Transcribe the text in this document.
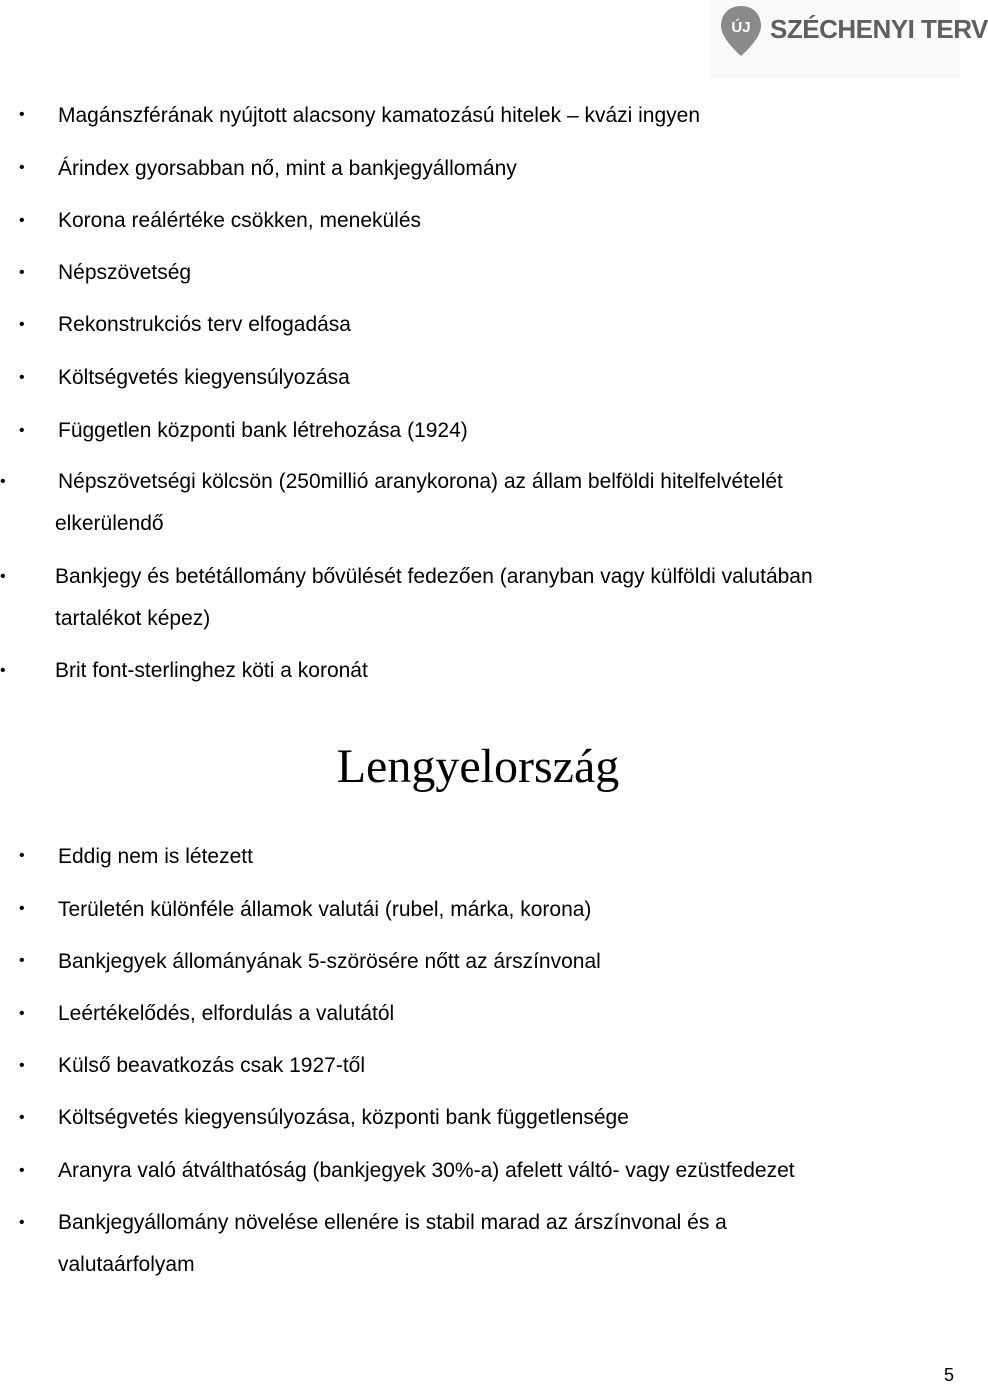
ÚJ SZÉCHENYI TERV
• Magánszférának nyújtott alacsony kamatozású hitelek – kvázi ingyen
• Árindex gyorsabban nő, mint a bankjegyállomány
• Korona reálértéke csökken, menekülés
• Népszövetség
• Rekonstrukciós terv elfogadása
• Költségvetés kiegyensúlyozása
• Független központi bank létrehozása (1924)
• Népszövetségi kölcsön (250millió aranykorona) az állam belföldi hitelfelvételét
elkerülendő
• Bankjegy és betétállomány bővülését fedezően (aranyban vagy külföldi valutában
tartalékot képez)
• Brit font-sterlinghez köti a koronát
Lengyelország
• Eddig nem is létezett
• Területén különféle államok valutái (rubel, márka, korona)
• Bankjegyek állományának 5-szörösére nőtt az árszínvonal
• Leértékelődés, elfordulás a valutától
• Külső beavatkozás csak 1927-től
• Költségvetés kiegyensúlyozása, központi bank függetlensége
• Aranyra való átválthatóság (bankjegyek 30%-a) afelett váltó- vagy ezüstfedezet
• Bankjegyállomány növelése ellenére is stabil marad az árszínvonal és a
valutaárfolyam
5
